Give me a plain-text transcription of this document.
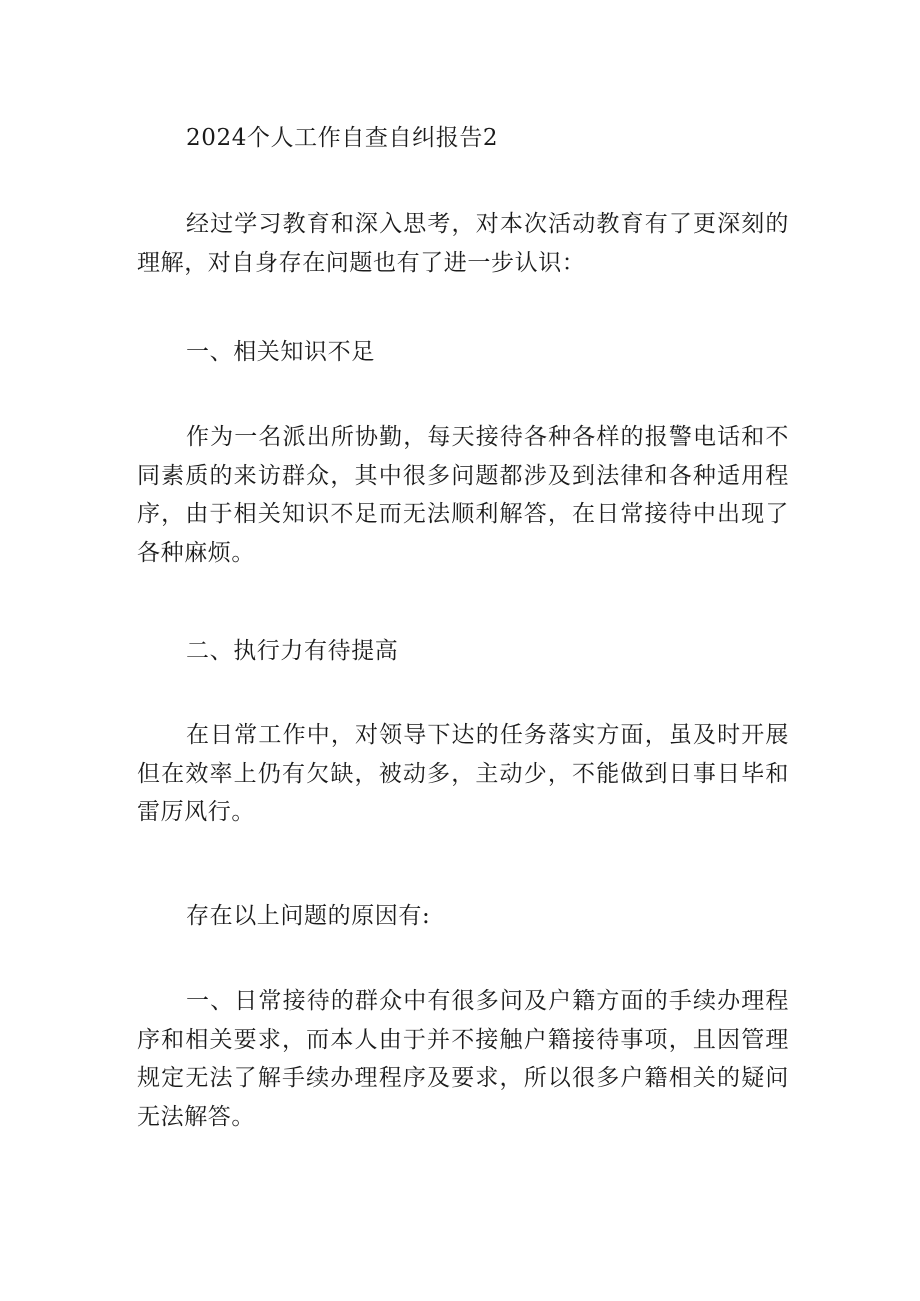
2024个人工作自查自纠报告2

经过学习教育和深入思考，对本次活动教育有了更深刻的理解，对自身存在问题也有了进一步认识：

一、相关知识不足

作为一名派出所协勤，每天接待各种各样的报警电话和不同素质的来访群众，其中很多问题都涉及到法律和各种适用程序，由于相关知识不足而无法顺利解答，在日常接待中出现了各种麻烦。

二、执行力有待提高

在日常工作中，对领导下达的任务落实方面，虽及时开展但在效率上仍有欠缺，被动多，主动少，不能做到日事日毕和雷厉风行。

存在以上问题的原因有:

一、日常接待的群众中有很多问及户籍方面的手续办理程序和相关要求，而本人由于并不接触户籍接待事项，且因管理规定无法了解手续办理程序及要求，所以很多户籍相关的疑问无法解答。
